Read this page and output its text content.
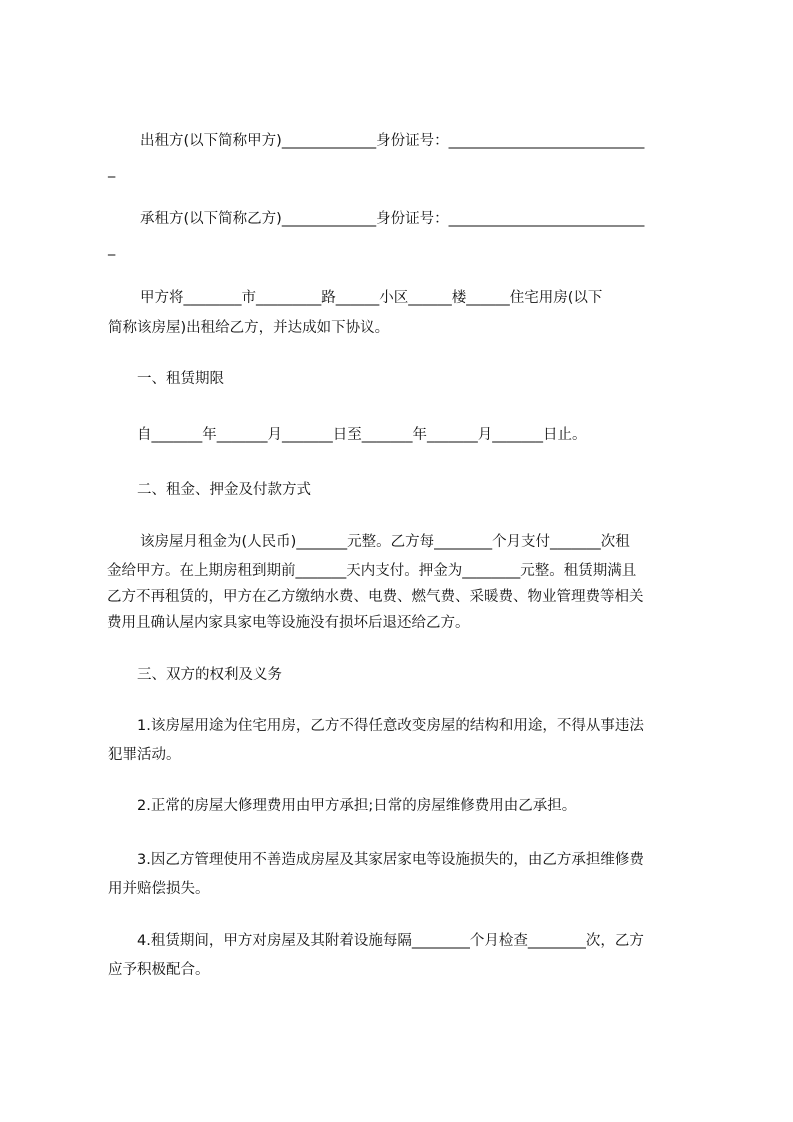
出租方(以下简称甲方)_____________身份证号：___________________________

_

承租方(以下简称乙方)_____________身份证号：___________________________

_

甲方将________市_________路______小区______楼______住宅用房(以下

简称该房屋)出租给乙方，并达成如下协议。

一、租赁期限

自_______年_______月_______日至_______年_______月_______日止。

二、租金、押金及付款方式

该房屋月租金为(人民币)_______元整。乙方每________个月支付_______次租

金给甲方。在上期房租到期前_______天内支付。押金为________元整。租赁期满且

乙方不再租赁的，甲方在乙方缴纳水费、电费、燃气费、采暖费、物业管理费等相关

费用且确认屋内家具家电等设施没有损坏后退还给乙方。

三、双方的权利及义务

1.该房屋用途为住宅用房，乙方不得任意改变房屋的结构和用途，不得从事违法

犯罪活动。

2.正常的房屋大修理费用由甲方承担;日常的房屋维修费用由乙承担。

3.因乙方管理使用不善造成房屋及其家居家电等设施损失的，由乙方承担维修费

用并赔偿损失。

4.租赁期间，甲方对房屋及其附着设施每隔________个月检查________次，乙方

应予积极配合。
